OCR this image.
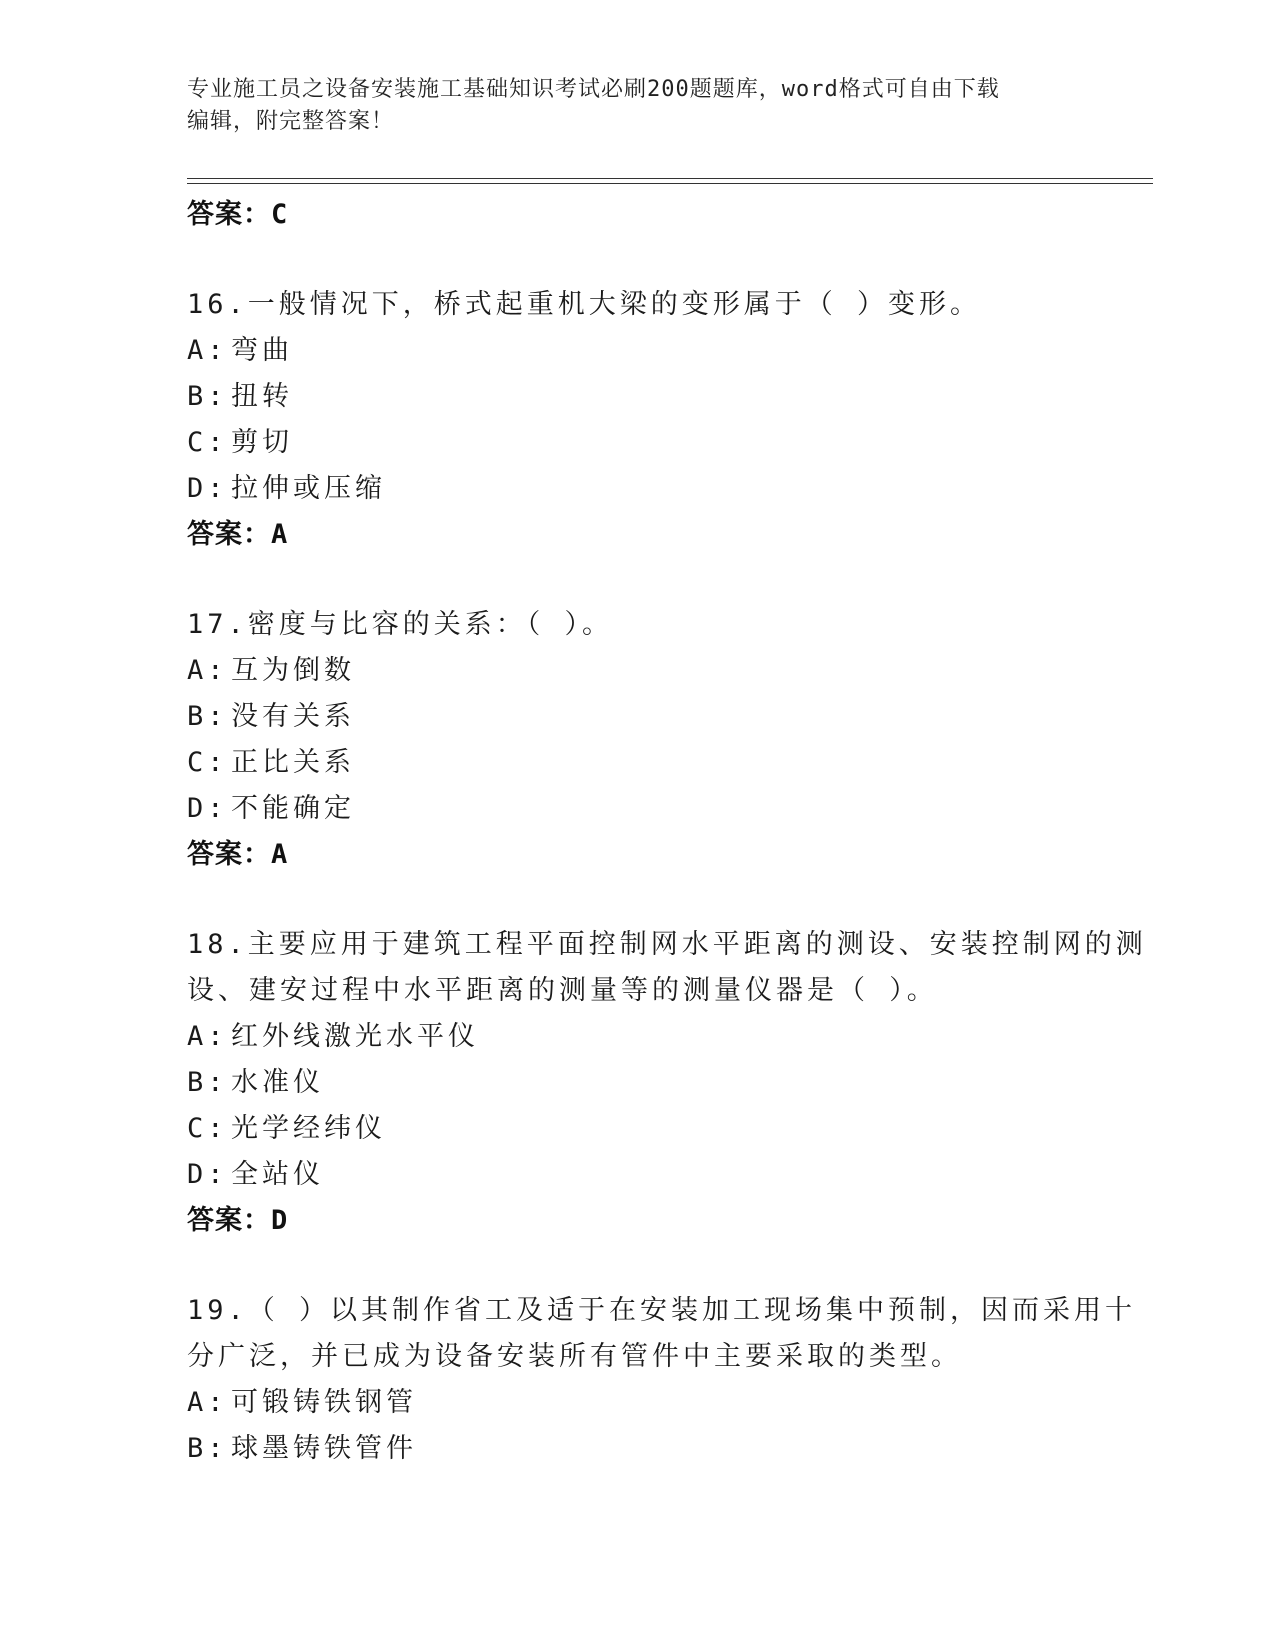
专业施工员之设备安装施工基础知识考试必刷200题题库，word格式可自由下载
编辑，附完整答案！
答案：C
16.一般情况下，桥式起重机大梁的变形属于（ ）变形。
A: 弯曲
B: 扭转
C: 剪切
D: 拉伸或压缩
答案：A
17.密度与比容的关系：（ ）。
A: 互为倒数
B: 没有关系
C: 正比关系
D: 不能确定
答案：A
18.主要应用于建筑工程平面控制网水平距离的测设、安装控制网的测
设、建安过程中水平距离的测量等的测量仪器是（ ）。
A: 红外线激光水平仪
B: 水准仪
C: 光学经纬仪
D: 全站仪
答案：D
19.（ ）以其制作省工及适于在安装加工现场集中预制，因而采用十
分广泛，并已成为设备安装所有管件中主要采取的类型。
A: 可锻铸铁钢管
B: 球墨铸铁管件
